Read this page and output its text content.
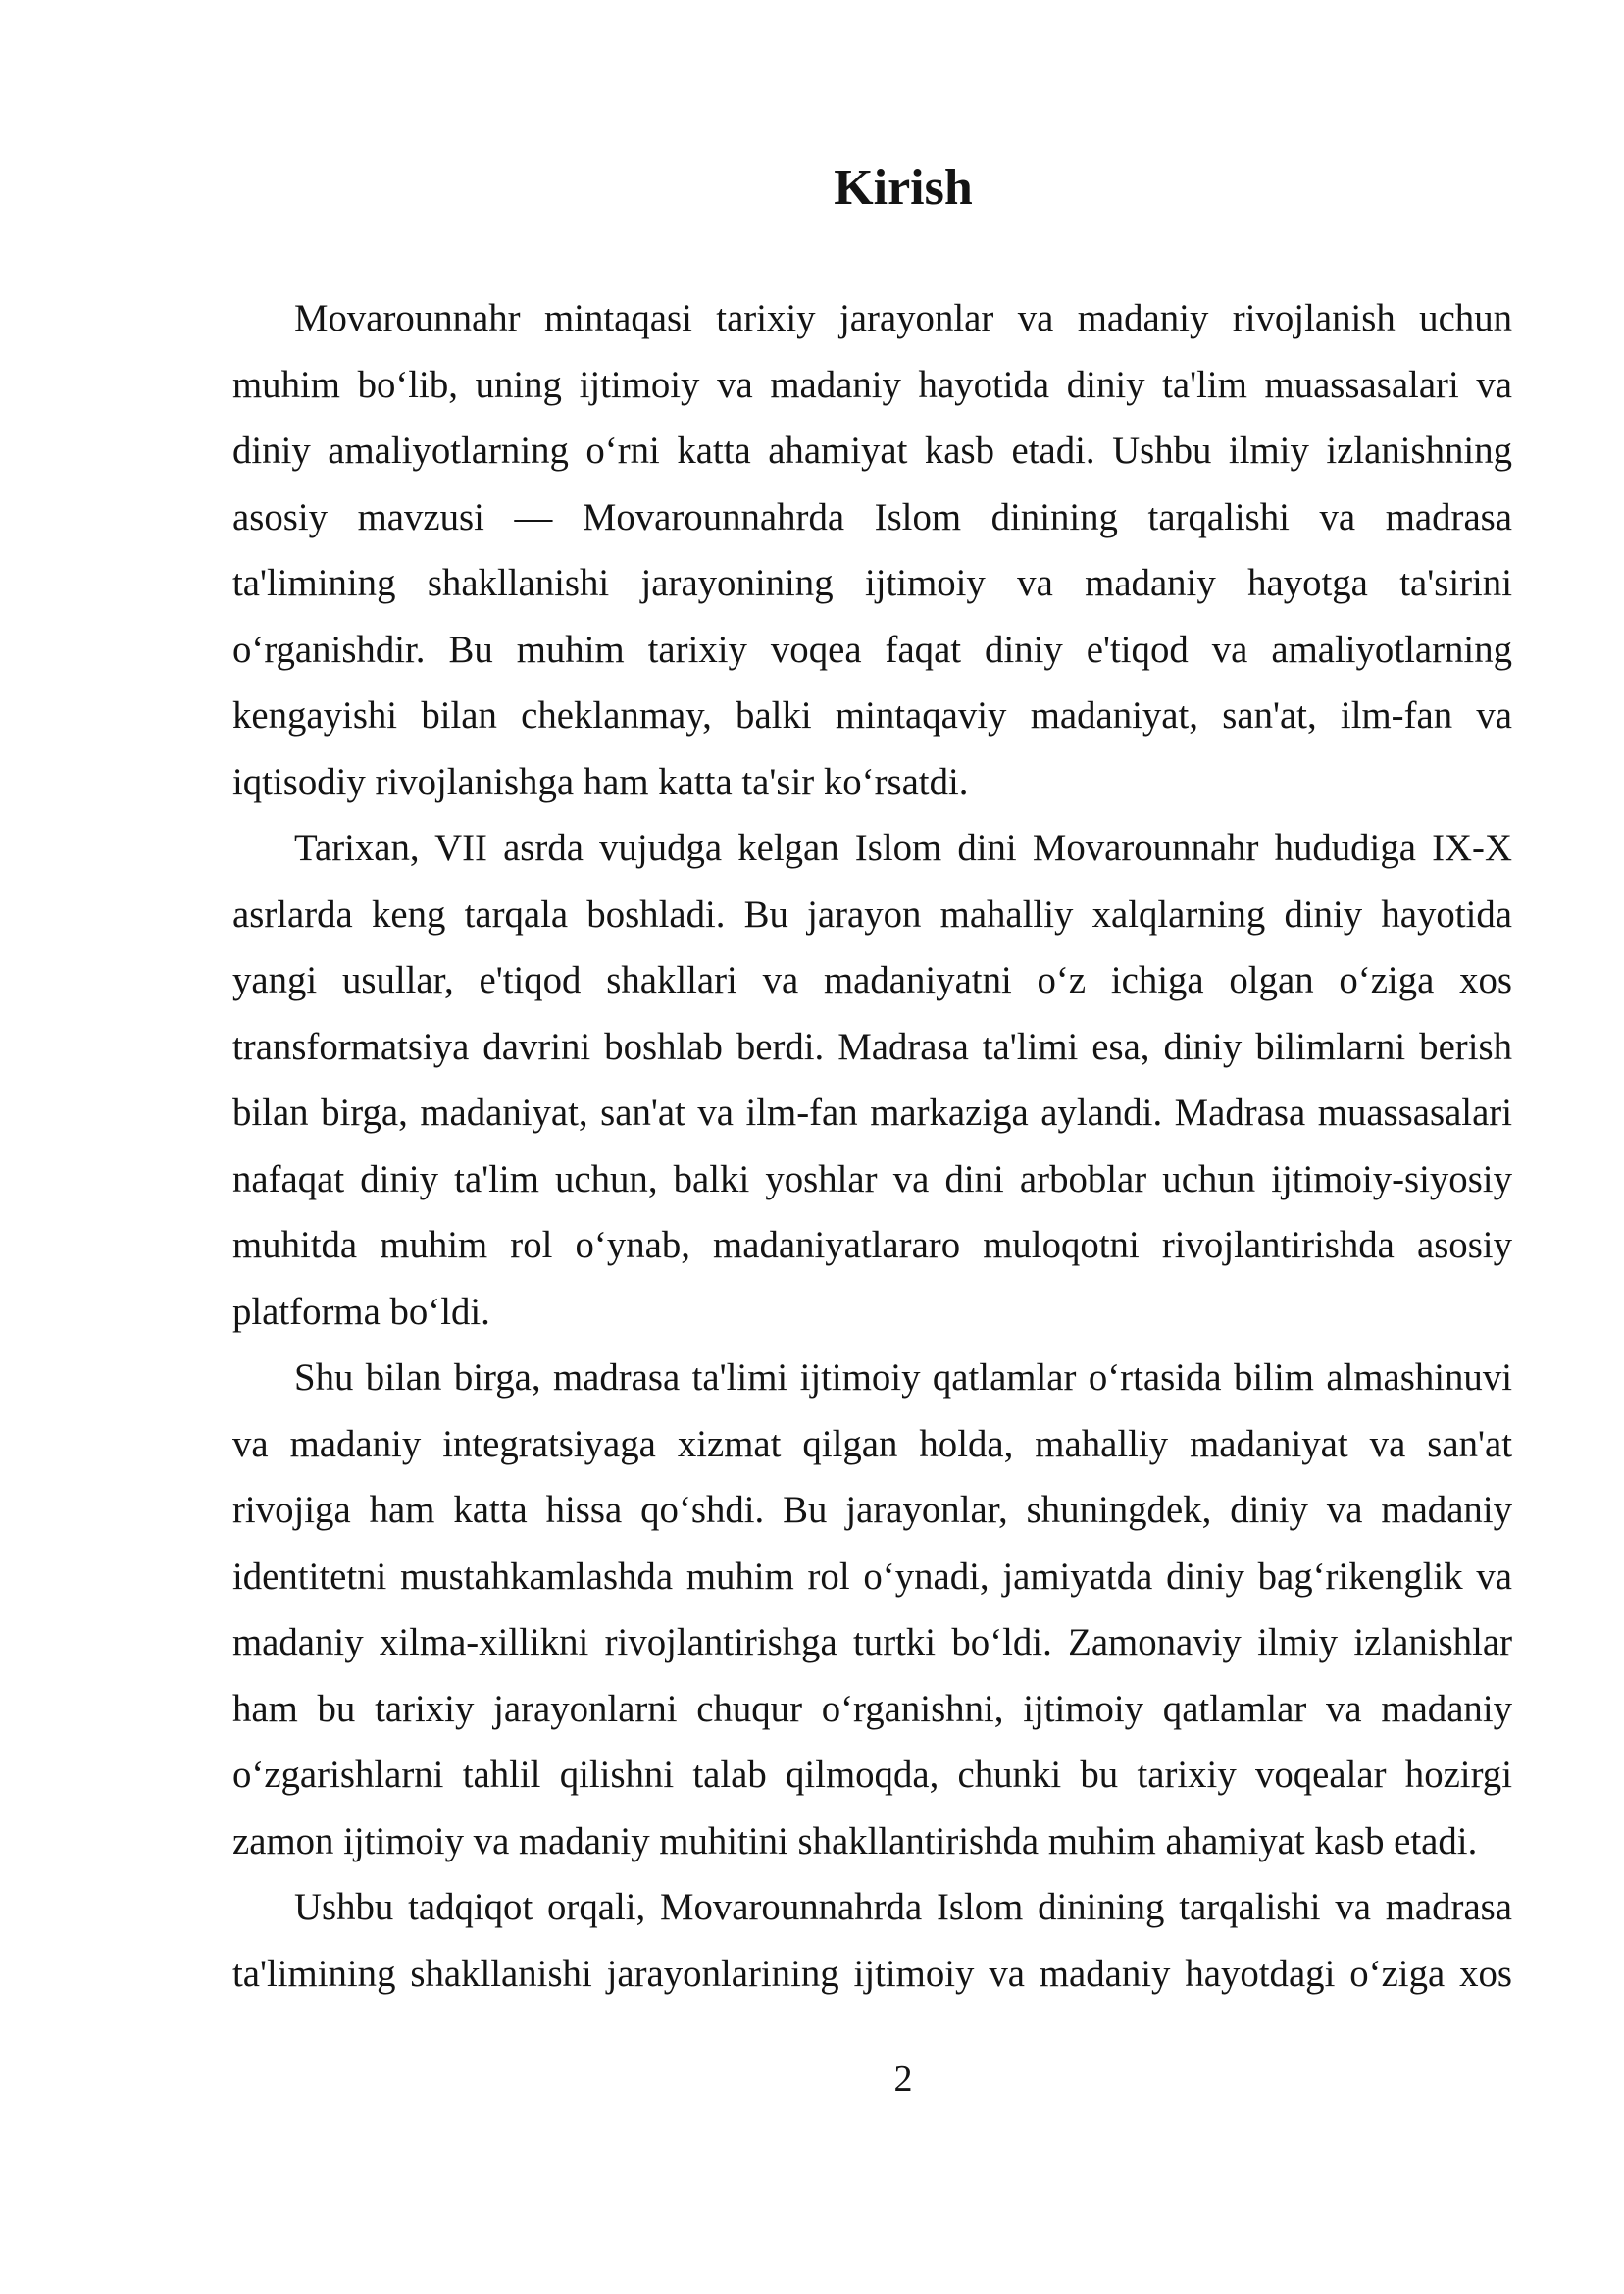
Kirish
Movarounnahr mintaqasi tarixiy jarayonlar va madaniy rivojlanish uchun
muhim bo‘lib, uning ijtimoiy va madaniy hayotida diniy ta'lim muassasalari va
diniy amaliyotlarning o‘rni katta ahamiyat kasb etadi. Ushbu ilmiy izlanishning
asosiy mavzusi — Movarounnahrda Islom dinining tarqalishi va madrasa
ta'limining shakllanishi jarayonining ijtimoiy va madaniy hayotga ta'sirini
o‘rganishdir. Bu muhim tarixiy voqea faqat diniy e'tiqod va amaliyotlarning
kengayishi bilan cheklanmay, balki mintaqaviy madaniyat, san'at, ilm-fan va
iqtisodiy rivojlanishga ham katta ta'sir ko‘rsatdi.
Tarixan, VII asrda vujudga kelgan Islom dini Movarounnahr hududiga IX-X
asrlarda keng tarqala boshladi. Bu jarayon mahalliy xalqlarning diniy hayotida
yangi usullar, e'tiqod shakllari va madaniyatni o‘z ichiga olgan o‘ziga xos
transformatsiya davrini boshlab berdi. Madrasa ta'limi esa, diniy bilimlarni berish
bilan birga, madaniyat, san'at va ilm-fan markaziga aylandi. Madrasa muassasalari
nafaqat diniy ta'lim uchun, balki yoshlar va dini arboblar uchun ijtimoiy-siyosiy
muhitda muhim rol o‘ynab, madaniyatlararo muloqotni rivojlantirishda asosiy
platforma bo‘ldi.
Shu bilan birga, madrasa ta'limi ijtimoiy qatlamlar o‘rtasida bilim almashinuvi
va madaniy integratsiyaga xizmat qilgan holda, mahalliy madaniyat va san'at
rivojiga ham katta hissa qo‘shdi. Bu jarayonlar, shuningdek, diniy va madaniy
identitetni mustahkamlashda muhim rol o‘ynadi, jamiyatda diniy bag‘rikenglik va
madaniy xilma-xillikni rivojlantirishga turtki bo‘ldi. Zamonaviy ilmiy izlanishlar
ham bu tarixiy jarayonlarni chuqur o‘rganishni, ijtimoiy qatlamlar va madaniy
o‘zgarishlarni tahlil qilishni talab qilmoqda, chunki bu tarixiy voqealar hozirgi
zamon ijtimoiy va madaniy muhitini shakllantirishda muhim ahamiyat kasb etadi.
Ushbu tadqiqot orqali, Movarounnahrda Islom dinining tarqalishi va madrasa
ta'limining shakllanishi jarayonlarining ijtimoiy va madaniy hayotdagi o‘ziga xos
2
